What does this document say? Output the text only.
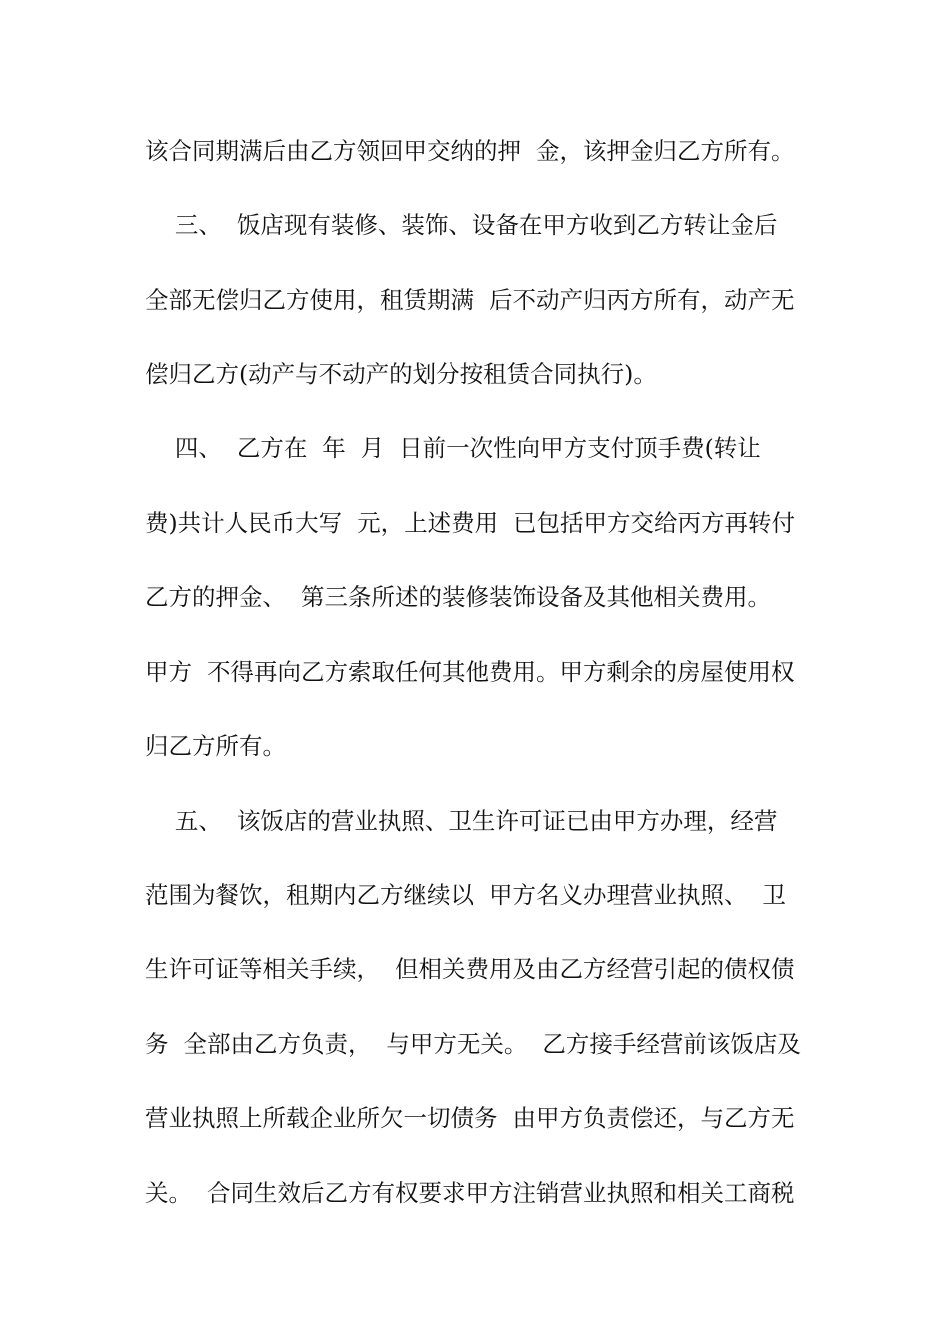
该合同期满后由乙方领回甲交纳的押  金，该押金归乙方所有。
三、  饭店现有装修、装饰、设备在甲方收到乙方转让金后
全部无偿归乙方使用，租赁期满  后不动产归丙方所有，动产无
偿归乙方(动产与不动产的划分按租赁合同执行)。
四、  乙方在  年  月  日前一次性向甲方支付顶手费(转让
费)共计人民币大写  元，上述费用  已包括甲方交给丙方再转付
乙方的押金、  第三条所述的装修装饰设备及其他相关费用。
甲方  不得再向乙方索取任何其他费用。甲方剩余的房屋使用权
归乙方所有。
五、  该饭店的营业执照、卫生许可证已由甲方办理，经营
范围为餐饮，租期内乙方继续以  甲方名义办理营业执照、  卫
生许可证等相关手续，  但相关费用及由乙方经营引起的债权债
务  全部由乙方负责，  与甲方无关。  乙方接手经营前该饭店及
营业执照上所载企业所欠一切债务  由甲方负责偿还，与乙方无
关。  合同生效后乙方有权要求甲方注销营业执照和相关工商税
